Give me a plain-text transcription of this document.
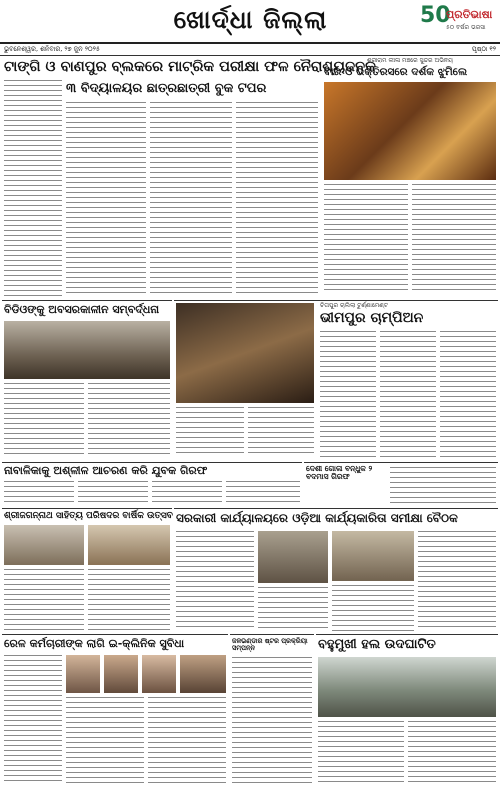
ଖୋର୍ଦ୍ଧା ଜିଲ୍ଲା	50
ପ୍ରତିଭାଷା
୫୦ ବର୍ଷର ଭରସା
ଭୁବନେଶ୍ୱର, ଶନିବାର, ୨୭ ଜୁନ ୨୦୨୫	ପୃଷ୍ଠା ୧୨
ଟାଙ୍ଗି ଓ ବାଣପୁର ବ୍ଲକରେ ମାଟ୍ରିକ ପରୀକ୍ଷା ଫଳ ନୈରାଶ୍ୟଜନକ
୩ ବିଦ୍ୟାଳୟର ଛାତ୍ରଛାତ୍ରୀ ବୁକ ଟପର
ଶ୍ରୀରାମ ଲୀଳା ମଞ୍ଚରେ ସୁନ୍ଦର ଅଭିନୟ
ବାର ଓ ଭକ୍ତିରସରେ ଦର୍ଶକ ଝୁମିଲେ
ବିଡିଓଙ୍କୁ ଅବସରକାଳୀନ ସମ୍ବର୍ଦ୍ଧନା	ଚିତାପୁର ଚାଲିଲା ଟୁର୍ଣ୍ଣାମେଣ୍ଟ
ଭୀମପୁର ଚାମ୍ପିଅନ
ନାବାଳିକାକୁ ଅଶ୍ଳୀଳ ଆଚରଣ କରି ଯୁବକ ଗିରଫ	ଦେଶୀ ଗୋଳା ବନ୍ଧୁକ ୨ ବଦମାସ ଗିରଫ
ଶ୍ରୀଜଗନ୍ନାଥ ସାହିତ୍ୟ ପରିଷଦର ବାର୍ଷିକ ଉତ୍ସବ ସରକାରୀ କାର୍ଯ୍ୟାଳୟରେ ଓଡ଼ିଆ କାର୍ଯ୍ୟକାରିତା ସମୀକ୍ଷା ବୈଠକ
ରେଳ କର୍ମଚାରୀଙ୍କ ଲାଗି ଇ-କ୍ଲିନିକ ସୁବିଧା	ଜଳଭଣ୍ଡାର ଷ୍ଟର ପ୍ରକ୍ରିୟା ସମ୍ପନ୍ନ	ବହୁମୁଖୀ ହଲ ଉଦଘାଟିତ
